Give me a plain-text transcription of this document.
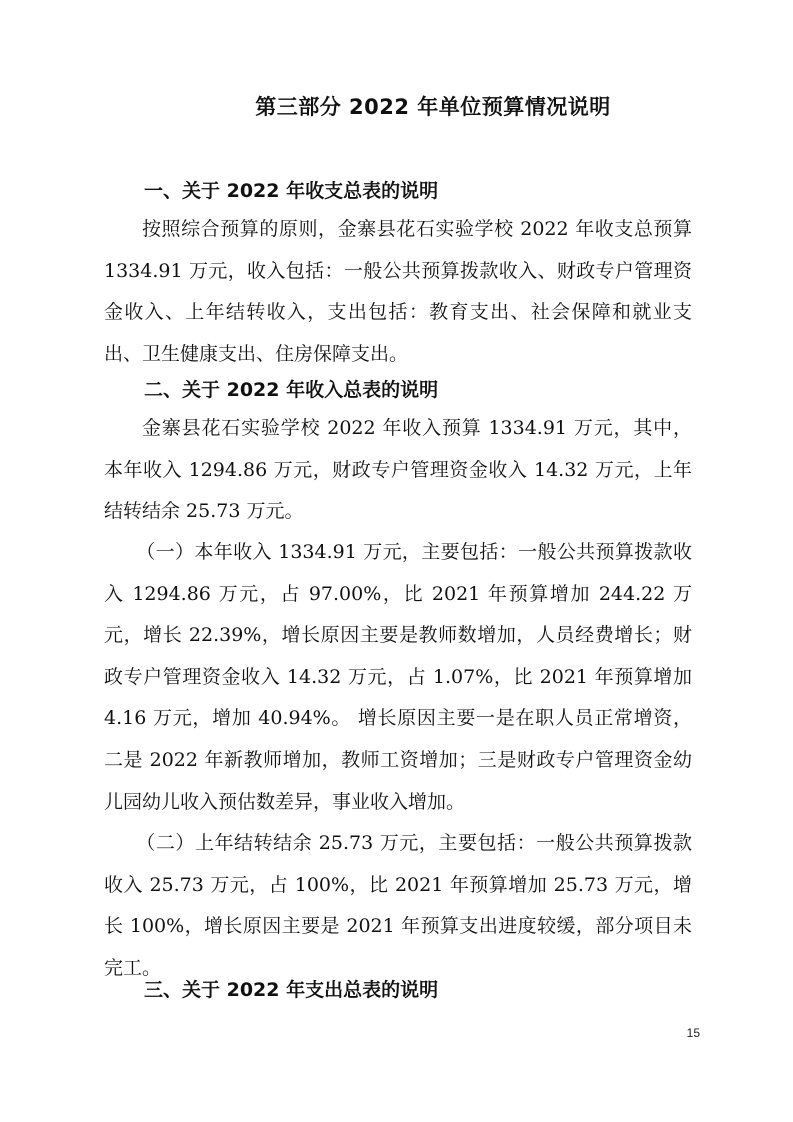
第三部分 2022 年单位预算情况说明
一、关于 2022 年收支总表的说明
按照综合预算的原则，金寨县花石实验学校 2022 年收支总预算 1334.91 万元，收入包括：一般公共预算拨款收入、财政专户管理资金收入、上年结转收入，支出包括：教育支出、社会保障和就业支出、卫生健康支出、住房保障支出。
二、关于 2022 年收入总表的说明
金寨县花石实验学校 2022 年收入预算 1334.91 万元，其中，本年收入 1294.86 万元，财政专户管理资金收入 14.32 万元，上年结转结余 25.73 万元。
（一）本年收入 1334.91 万元，主要包括：一般公共预算拨款收入 1294.86 万元，占 97.00%，比 2021 年预算增加 244.22 万元，增长 22.39%，增长原因主要是教师数增加，人员经费增长；财政专户管理资金收入 14.32 万元，占 1.07%，比 2021 年预算增加 4.16 万元，增加 40.94%。 增长原因主要一是在职人员正常增资，二是 2022 年新教师增加，教师工资增加；三是财政专户管理资金幼儿园幼儿收入预估数差异，事业收入增加。
（二）上年结转结余 25.73 万元，主要包括：一般公共预算拨款收入 25.73 万元，占 100%，比 2021 年预算增加 25.73 万元，增长 100%，增长原因主要是 2021 年预算支出进度较缓，部分项目未完工。
三、关于 2022 年支出总表的说明
15
